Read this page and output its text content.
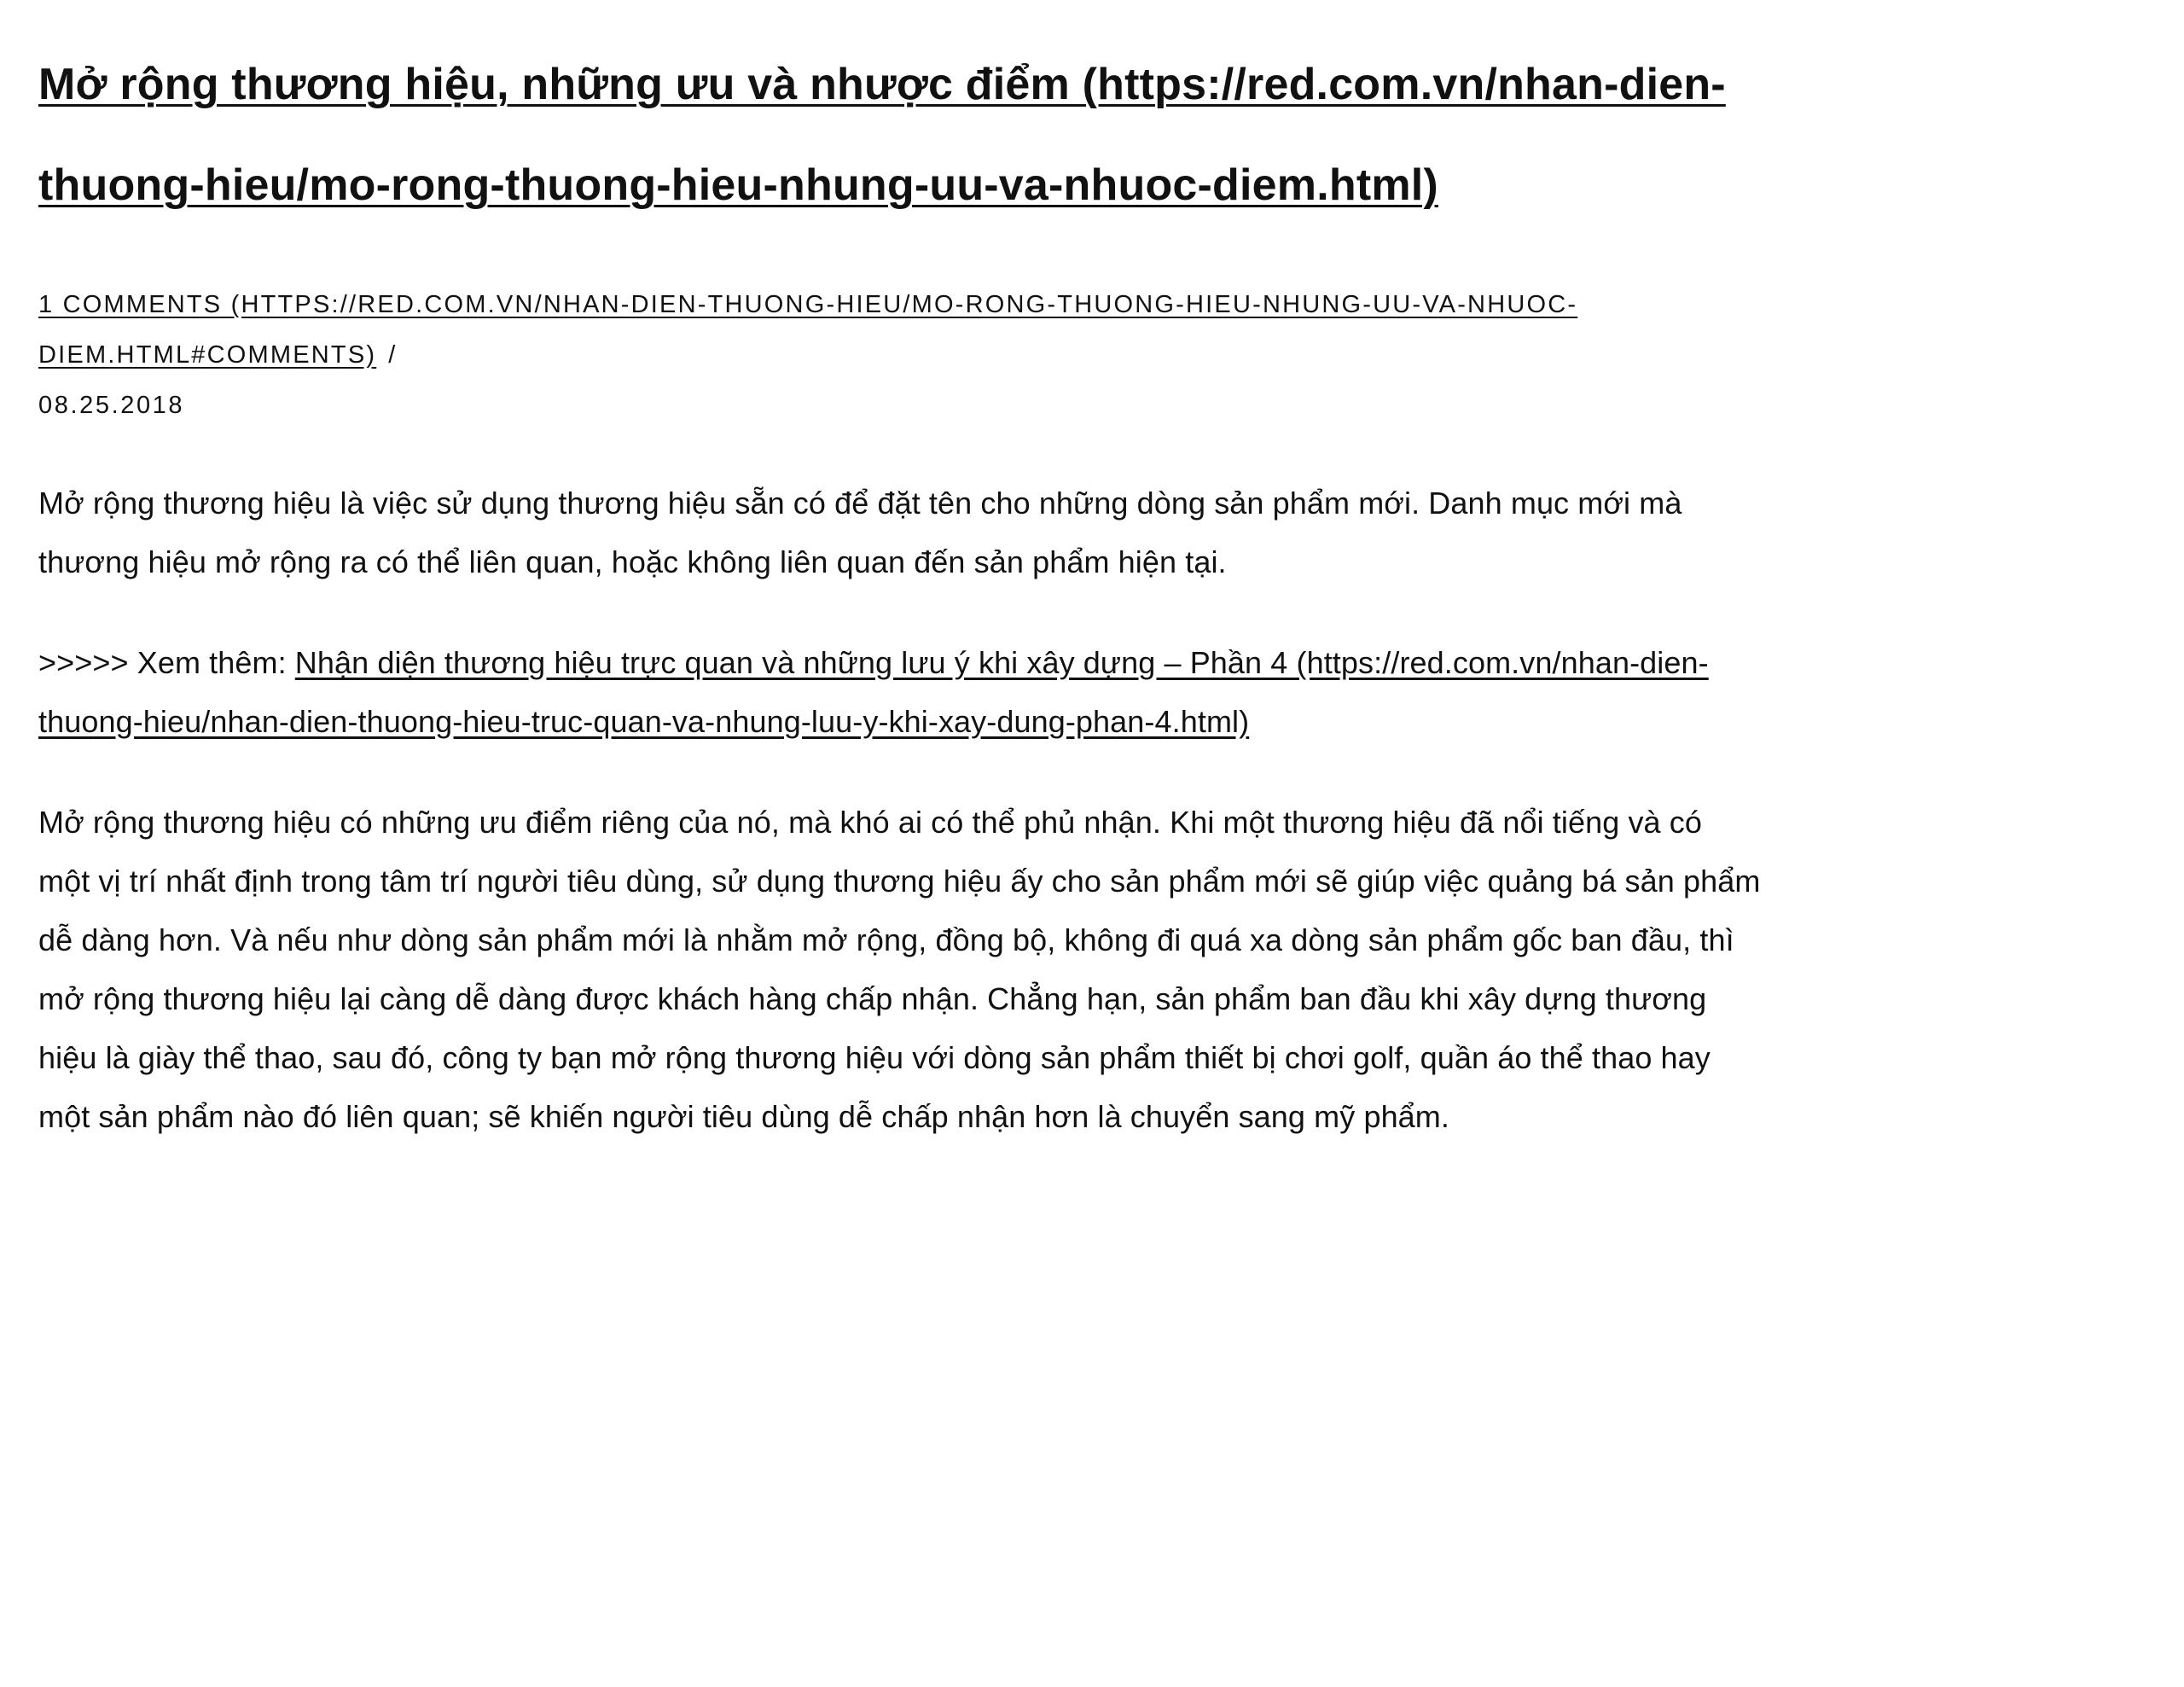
Mở rộng thương hiệu, những ưu và nhược điểm (https://red.com.vn/nhan-dien-thuong-hieu/mo-rong-thuong-hieu-nhung-uu-va-nhuoc-diem.html)
1 COMMENTS (HTTPS://RED.COM.VN/NHAN-DIEN-THUONG-HIEU/MO-RONG-THUONG-HIEU-NHUNG-UU-VA-NHUOC-DIEM.HTML#COMMENTS) /
08.25.2018

Mở rộng thương hiệu là việc sử dụng thương hiệu sẵn có để đặt tên cho những dòng sản phẩm mới. Danh mục mới mà thương hiệu mở rộng ra có thể liên quan, hoặc không liên quan đến sản phẩm hiện tại.

>>>>> Xem thêm: Nhận diện thương hiệu trực quan và những lưu ý khi xây dựng – Phần 4 (https://red.com.vn/nhan-dien-thuong-hieu/nhan-dien-thuong-hieu-truc-quan-va-nhung-luu-y-khi-xay-dung-phan-4.html)

Mở rộng thương hiệu có những ưu điểm riêng của nó, mà khó ai có thể phủ nhận. Khi một thương hiệu đã nổi tiếng và có một vị trí nhất định trong tâm trí người tiêu dùng, sử dụng thương hiệu ấy cho sản phẩm mới sẽ giúp việc quảng bá sản phẩm dễ dàng hơn. Và nếu như dòng sản phẩm mới là nhằm mở rộng, đồng bộ, không đi quá xa dòng sản phẩm gốc ban đầu, thì mở rộng thương hiệu lại càng dễ dàng được khách hàng chấp nhận. Chẳng hạn, sản phẩm ban đầu khi xây dựng thương hiệu là giày thể thao, sau đó, công ty bạn mở rộng thương hiệu với dòng sản phẩm thiết bị chơi golf, quần áo thể thao hay một sản phẩm nào đó liên quan; sẽ khiến người tiêu dùng dễ chấp nhận hơn là chuyển sang mỹ phẩm.
